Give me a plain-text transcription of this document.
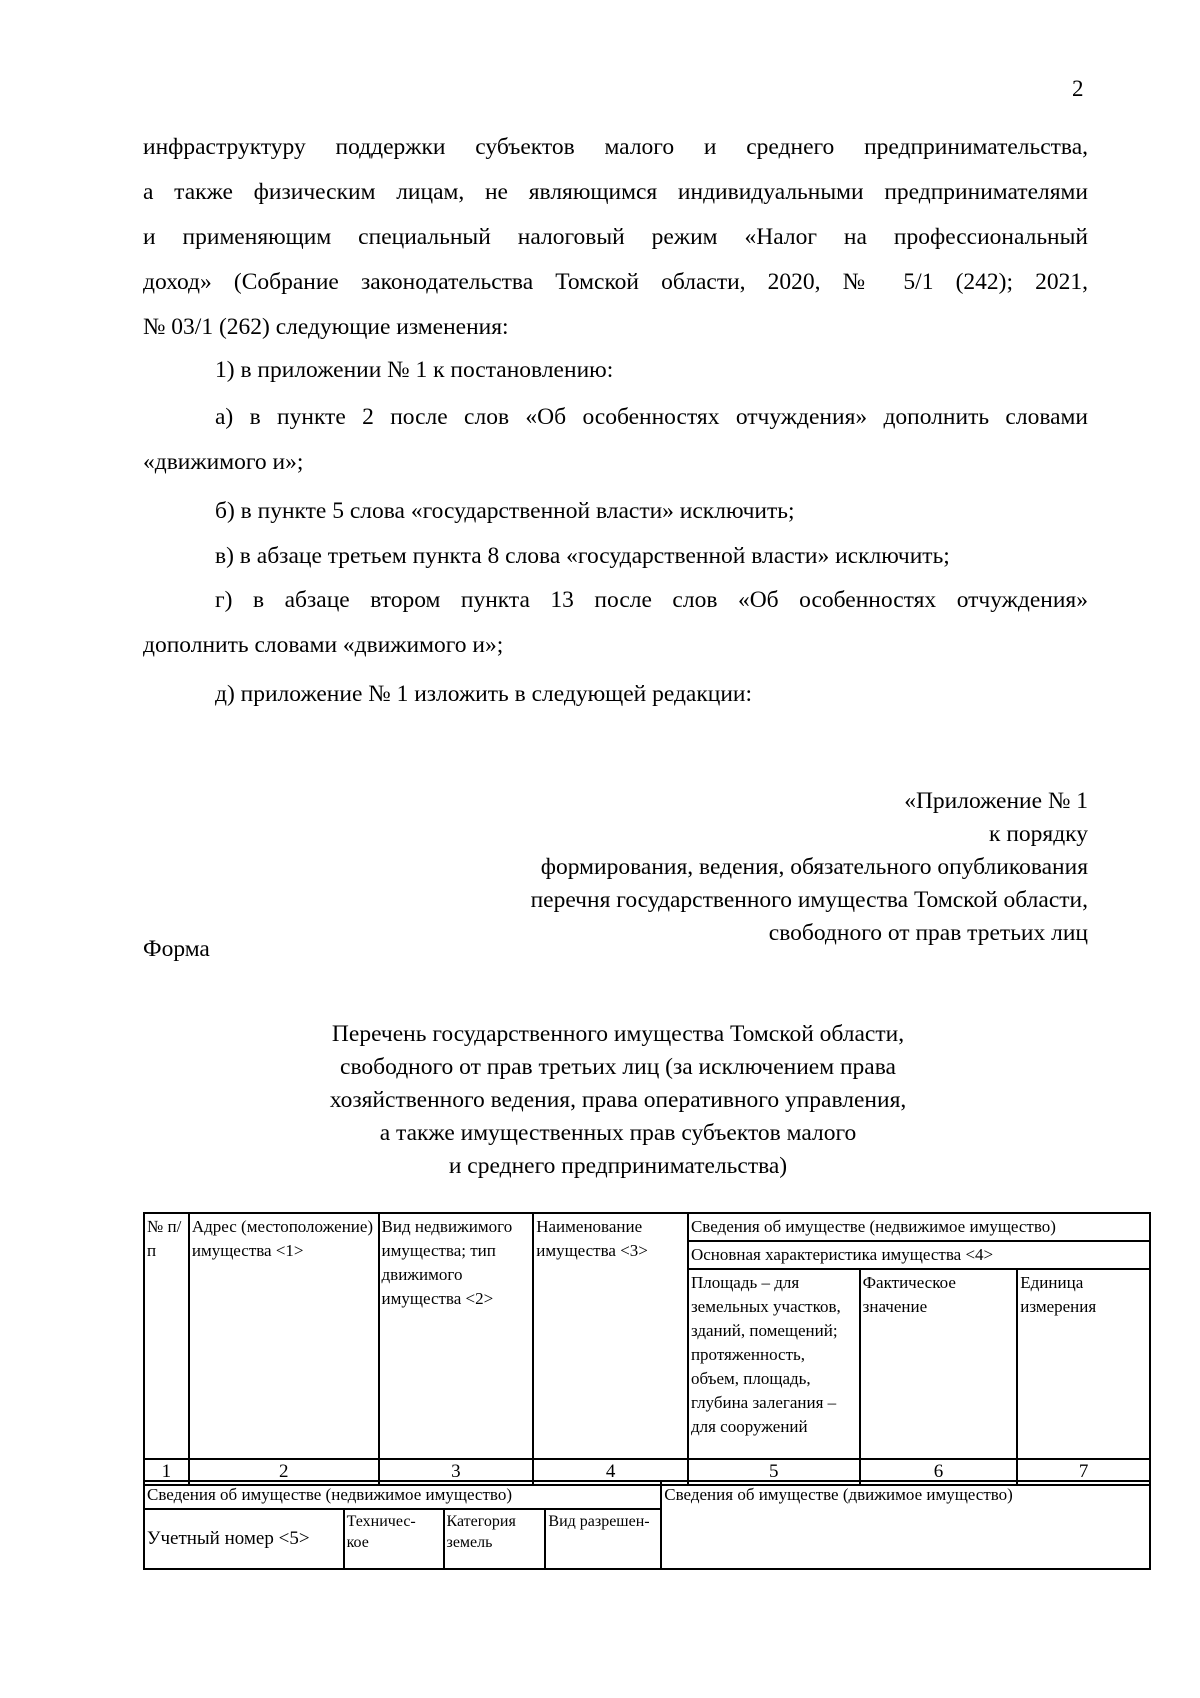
2
инфраструктуру поддержки субъектов малого и среднего предпринимательства,
а также физическим лицам, не являющимся индивидуальными предпринимателями
и применяющим специальный налоговый режим «Налог на профессиональный
доход» (Собрание законодательства Томской области, 2020, № 5/1 (242); 2021,
№ 03/1 (262) следующие изменения:
1) в приложении № 1 к постановлению:
а) в пункте 2 после слов «Об особенностях отчуждения» дополнить словами
«движимого и»;
б) в пункте 5 слова «государственной власти» исключить;
в) в абзаце третьем пункта 8 слова «государственной власти» исключить;
г) в абзаце втором пункта 13 после слов «Об особенностях отчуждения»
дополнить словами «движимого и»;
д) приложение № 1 изложить в следующей редакции:
«Приложение № 1
к порядку
формирования, ведения, обязательного опубликования
перечня государственного имущества Томской области,
свободного от прав третьих лиц
Форма
Перечень государственного имущества Томской области,
свободного от прав третьих лиц (за исключением права
хозяйственного ведения, права оперативного управления,
а также имущественных прав субъектов малого
и среднего предпринимательства)
№ п/п	Адрес (местоположение) имущества <1>	Вид недвижимого имущества; тип движимого имущества <2>	Наименование имущества <3>	Сведения об имуществе (недвижимое имущество)		
				Основная характеристика имущества <4>		
				Площадь – для земельных участков, зданий, помещений; протяженность, объем, площадь, глубина залегания – для сооружений	Фактическое значение	Единица измерения
1	2	3	4	5	6	7
Сведения об имуществе (недвижимое имущество)				Сведения об имуществе (движимое имущество)
Учетный номер <5>	Техничес- кое	Категория земель	Вид разрешен-	
